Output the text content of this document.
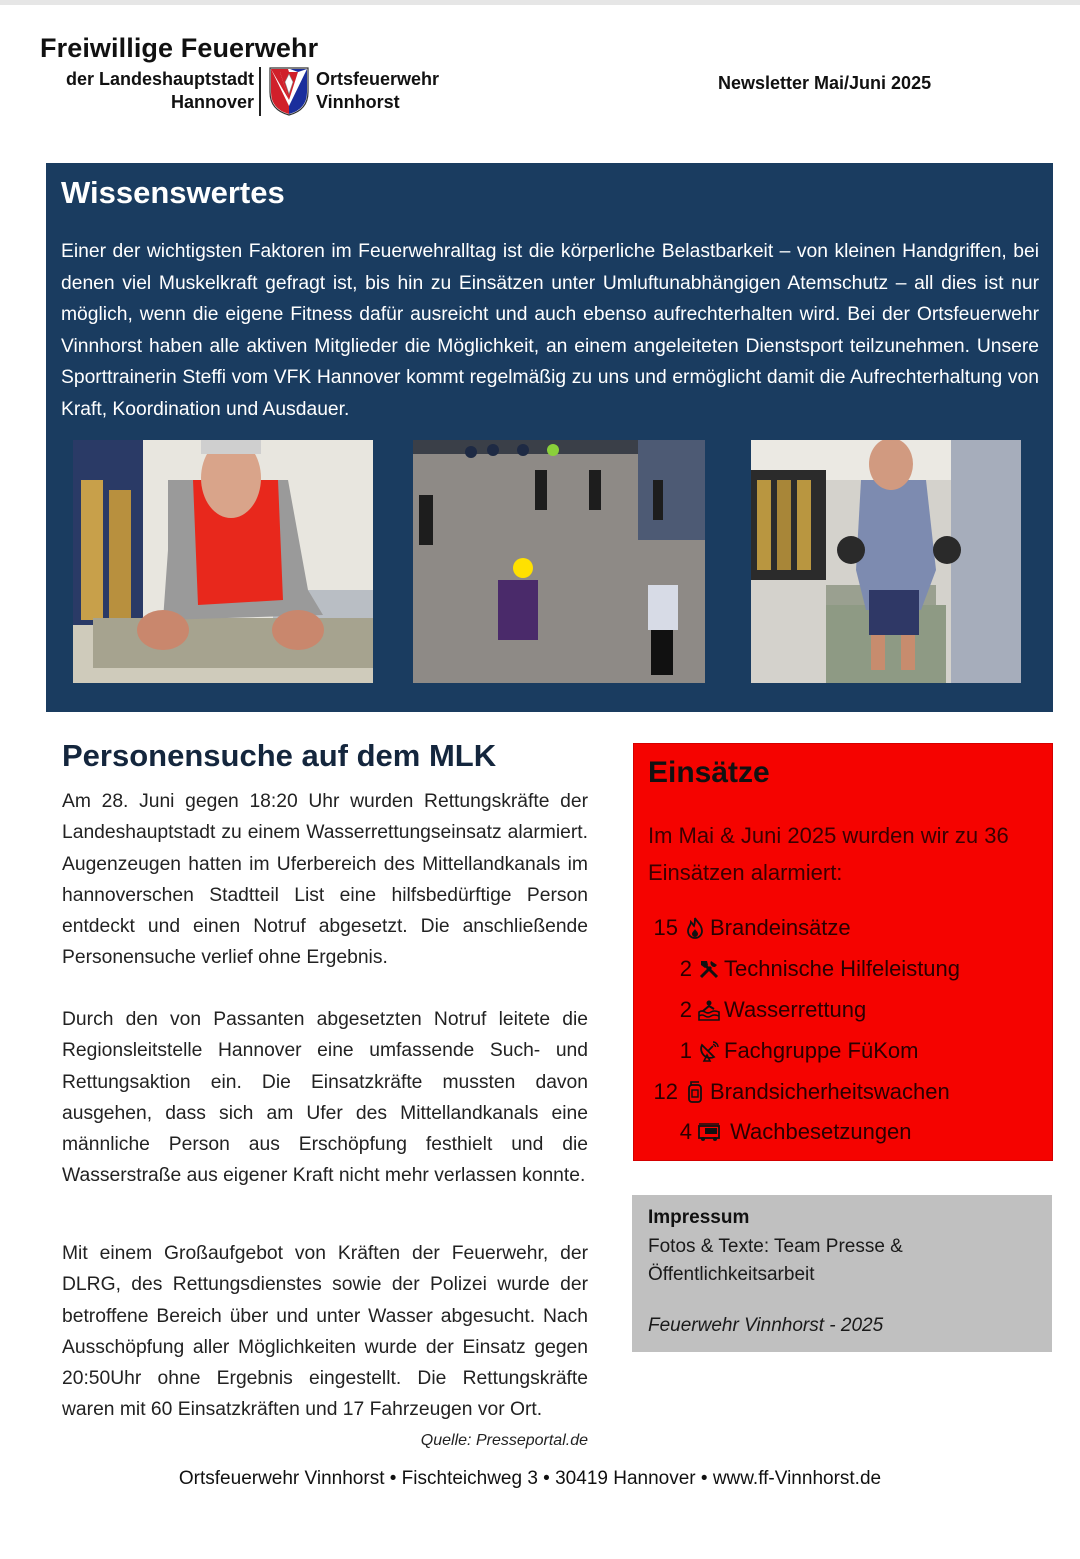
Freiwillige Feuerwehr
der Landeshauptstadt
Hannover
Ortsfeuerwehr
Vinnhorst
Newsletter Mai/Juni 2025
Wissenswertes

Einer der wichtigsten Faktoren im Feuerwehralltag ist die körperliche Belastbarkeit – von kleinen Handgriffen, bei denen viel Muskelkraft gefragt ist, bis hin zu Einsätzen unter Umluftunabhängigen Atemschutz – all dies ist nur möglich, wenn die eigene Fitness dafür ausreicht und auch ebenso aufrechterhalten wird. Bei der Ortsfeuerwehr Vinnhorst haben alle aktiven Mitglieder die Möglichkeit, an einem angeleiteten Dienstsport teilzunehmen. Unsere Sporttrainerin Steffi vom VFK Hannover kommt regelmäßig zu uns und ermöglicht damit die Aufrechterhaltung von Kraft, Koordination und Ausdauer.

Personensuche auf dem MLK

Am 28. Juni gegen 18:20 Uhr wurden Rettungskräfte der Landeshauptstadt zu einem Wasserrettungseinsatz alarmiert. Augenzeugen hatten im Uferbereich des Mittellandkanals im hannoverschen Stadtteil List eine hilfsbedürftige Person entdeckt und einen Notruf abgesetzt. Die anschließende Personensuche verlief ohne Ergebnis.

Durch den von Passanten abgesetzten Notruf leitete die Regionsleitstelle Hannover eine umfassende Such- und Rettungsaktion ein. Die Einsatzkräfte mussten davon ausgehen, dass sich am Ufer des Mittellandkanals eine männliche Person aus Erschöpfung festhielt und die Wasserstraße aus eigener Kraft nicht mehr verlassen konnte.

Mit einem Großaufgebot von Kräften der Feuerwehr, der DLRG, des Rettungsdienstes sowie der Polizei wurde der betroffene Bereich über und unter Wasser abgesucht. Nach Ausschöpfung aller Möglichkeiten wurde der Einsatz gegen 20:50Uhr ohne Ergebnis eingestellt. Die Rettungskräfte waren mit 60 Einsatzkräften und 17 Fahrzeugen vor Ort.

Quelle: Presseportal.de
Einsätze

Im Mai & Juni 2025 wurden wir zu 36 Einsätzen alarmiert:

15 Brandeinsätze
2 Technische Hilfeleistung
2 Wasserrettung
1 Fachgruppe FüKom
12 Brandsicherheitswachen
4 Wachbesetzungen
Impressum
Fotos & Texte: Team Presse & Öffentlichkeitsarbeit
Feuerwehr Vinnhorst - 2025
Ortsfeuerwehr Vinnhorst • Fischteichweg 3 • 30419 Hannover • www.ff-Vinnhorst.de
